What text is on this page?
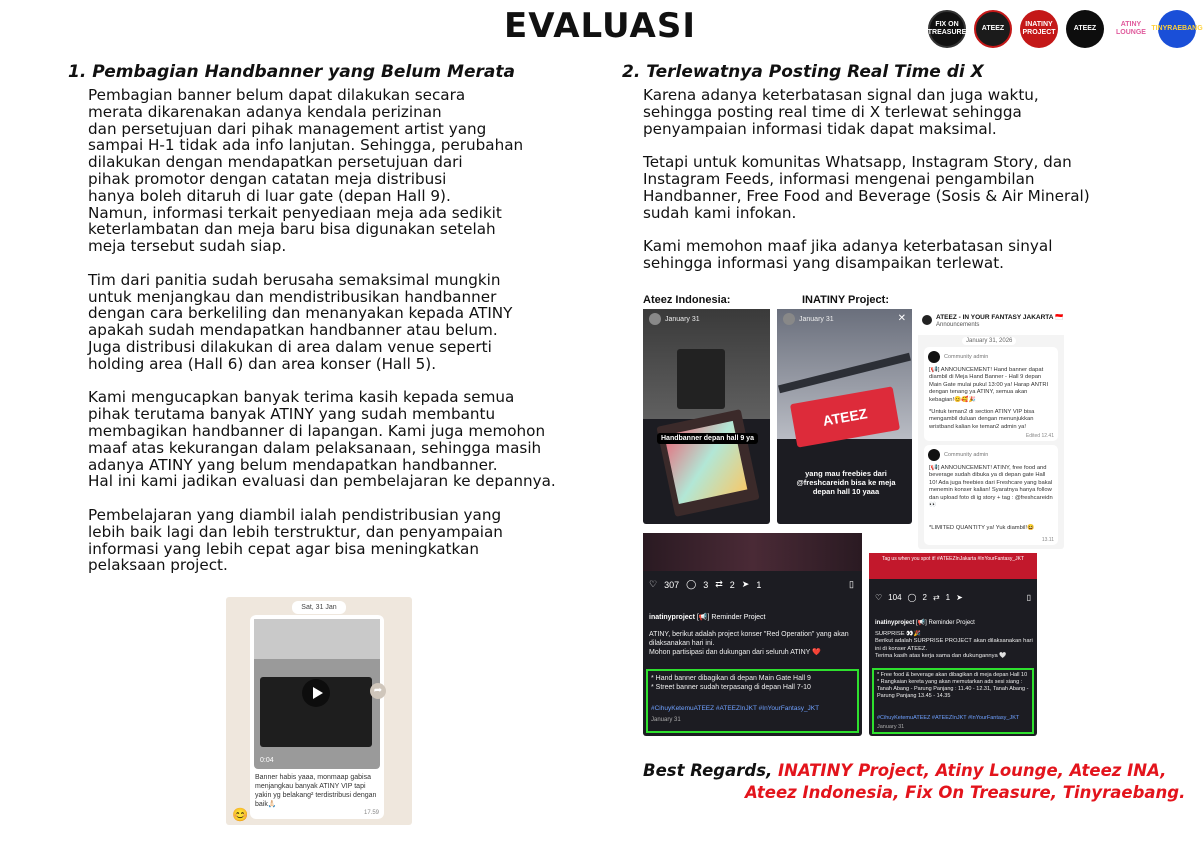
EVALUASI	FIX ON TREASURE
ATEEZ
INATINY PROJECT
ATEEZ
ATINY LOUNGE
TINYRAEBANG
1. Pembagian Handbanner yang Belum Merata

Pembagian banner belum dapat dilakukan secara
merata dikarenakan adanya kendala perizinan
dan persetujuan dari pihak management artist yang
sampai H-1 tidak ada info lanjutan. Sehingga, perubahan
dilakukan dengan mendapatkan persetujuan dari
pihak promotor dengan catatan meja distribusi
hanya boleh ditaruh di luar gate (depan Hall 9).
Namun, informasi terkait penyediaan meja ada sedikit
keterlambatan dan meja baru bisa digunakan setelah
meja tersebut sudah siap.

Tim dari panitia sudah berusaha semaksimal mungkin
untuk menjangkau dan mendistribusikan handbanner
dengan cara berkeliling dan menanyakan kepada ATINY
apakah sudah mendapatkan handbanner atau belum.
Juga distribusi dilakukan di area dalam venue seperti
holding area (Hall 6) dan area konser (Hall 5).

Kami mengucapkan banyak terima kasih kepada semua
pihak terutama banyak ATINY yang sudah membantu
membagikan handbanner di lapangan. Kami juga memohon
maaf atas kekurangan dalam pelaksanaan, sehingga masih
adanya ATINY yang belum mendapatkan handbanner.
Hal ini kami jadikan evaluasi dan pembelajaran ke depannya.

Pembelajaran yang diambil ialah pendistribusian yang
lebih baik lagi dan lebih terstruktur, dan penyampaian
informasi yang lebih cepat agar bisa meningkatkan
pelaksaan project.

Sat, 31 Jan
0:04
Banner habis yaaa, monmaap gabisa menjangkau banyak ATINY VIP tapi yakin yg belakang² terdistribusi dengan baik🙏🏻
17.59
➦
😊
2. Terlewatnya Posting Real Time di X

Karena adanya keterbatasan signal dan juga waktu,
sehingga posting real time di X terlewat sehingga
penyampaian informasi tidak dapat maksimal.

Tetapi untuk komunitas Whatsapp, Instagram Story, dan
Instagram Feeds, informasi mengenai pengambilan
Handbanner, Free Food and Beverage (Sosis & Air Mineral)
sudah kami infokan.

Kami memohon maaf jika adanya keterbatasan sinyal
sehingga informasi yang disampaikan terlewat.

Ateez Indonesia:	INATINY Project:
January 31
Handbanner depan hall 9 ya
ATEEZ
January 31	✕
yang mau freebies dari @freshcareidn bisa ke meja depan hall 10 yaaa
ATEEZ - IN YOUR FANTASY JAKARTA 🇮🇩
Announcements
January 31, 2026
Community admin
[📢] ANNOUNCEMENT! Hand banner dapat diambil di Meja Hand Banner - Hall 9 depan Main Gate mulai pukul 13:00 ya! Harap ANTRI dengan tenang ya ATINY, semua akan kebagian!😊🥰🎉
*Untuk teman2 di section ATINY VIP bisa mengambil duluan dengan menunjukkan wristband kalian ke teman2 admin ya!
Edited 12.41
Community admin
[📢] ANNOUNCEMENT! ATINY, free food and beverage sudah dibuka ya di depan gate Hall 10! Ada juga freebies dari Freshcare yang bakal menemin konser kalian! Syaratnya hanya follow dan upload foto di ig story + tag : @freshcareidn 👀
*LIMITED QUANTITY ya! Yuk diambil!😆
13.11
♡ 307 ◯ 3 ⇄ 2 ➤ 1	▯
inatinyproject [📢] Reminder Project
ATINY, berikut adalah project konser "Red Operation" yang akan dilaksanakan hari ini.
Mohon partisipasi dan dukungan dari seluruh ATINY ❤️
* Hand banner dibagikan di depan Main Gate Hall 9
* Street banner sudah terpasang di depan Hall 7-10
#CihuyKetemuATEEZ #ATEEZInJKT #InYourFantasy_JKT
January 31
Tag us when you spot it! #ATEEZInJakarta #InYourFantasy_JKT
♡ 104 ◯ 2 ⇄ 1 ➤	▯
inatinyproject [📢] Reminder Project
SURPRISE 👀🎉
Berikut adalah SURPRISE PROJECT akan dilaksanakan hari ini di konser ATEEZ.
Terima kasih atas kerja sama dan dukungannya 🤍
* Free food & beverage akan dibagikan di meja depan Hall 10
* Rangkaian kereta yang akan memutarkan ads sesi siang : Tanah Abang - Parung Panjang : 11.40 - 12.31, Tanah Abang - Parung Panjang 13.45 - 14.35
#CihuyKetemuATEEZ #ATEEZInJKT #InYourFantasy_JKT
January 31
Best Regards, INATINY Project, Atiny Lounge, Ateez INA,
Ateez Indonesia, Fix On Treasure, Tinyraebang.
